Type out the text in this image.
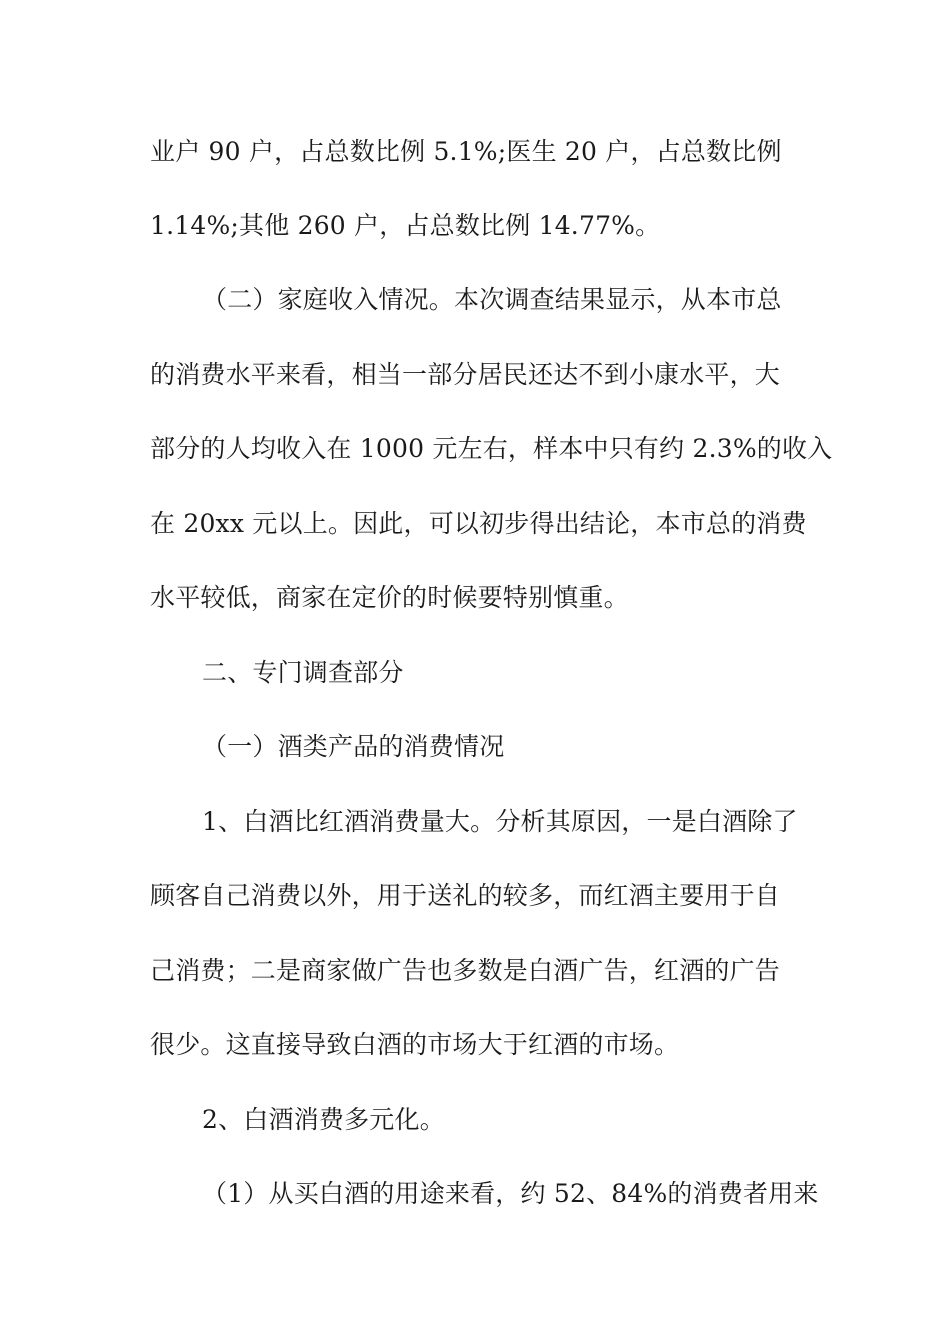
业户 90 户，占总数比例 5.1%;医生 20 户，占总数比例
1.14%;其他 260 户，占总数比例 14.77%。
（二）家庭收入情况。本次调查结果显示，从本市总
的消费水平来看，相当一部分居民还达不到小康水平，大
部分的人均收入在 1000 元左右，样本中只有约 2.3%的收入
在 20xx 元以上。因此，可以初步得出结论，本市总的消费
水平较低，商家在定价的时候要特别慎重。
二、专门调查部分
（一）酒类产品的消费情况
1、白酒比红酒消费量大。分析其原因，一是白酒除了
顾客自己消费以外，用于送礼的较多，而红酒主要用于自
己消费；二是商家做广告也多数是白酒广告，红酒的广告
很少。这直接导致白酒的市场大于红酒的市场。
2、白酒消费多元化。
（1）从买白酒的用途来看，约 52、84%的消费者用来
